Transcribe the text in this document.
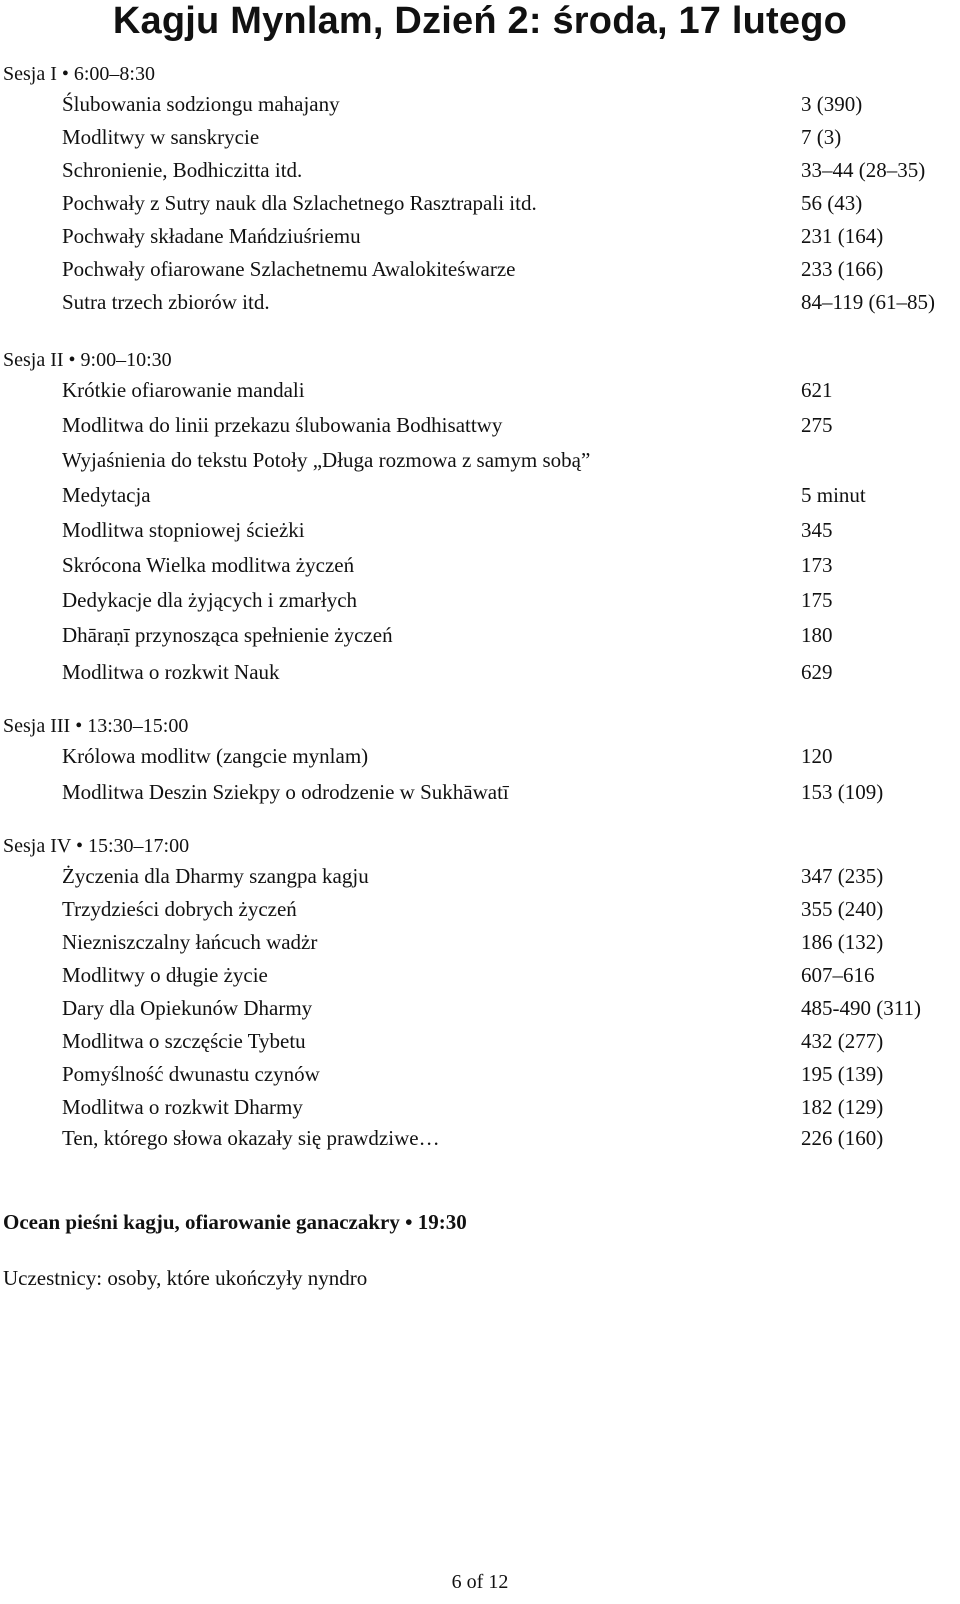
Kagju Mynlam, Dzień 2: środa, 17 lutego
Sesja I • 6:00–8:30
Ślubowania sodziongu mahajany	3 (390)
Modlitwy w sanskrycie	7 (3)
Schronienie, Bodhiczitta itd.	33–44 (28–35)
Pochwały z Sutry nauk dla Szlachetnego Rasztrapali itd.	56 (43)
Pochwały składane Mańdziuśriemu	231 (164)
Pochwały ofiarowane Szlachetnemu Awalokiteśwarze	233 (166)
Sutra trzech zbiorów itd.	84–119 (61–85)
Sesja II • 9:00–10:30
Krótkie ofiarowanie mandali	621
Modlitwa do linii przekazu ślubowania Bodhisattwy	275
Wyjaśnienia do tekstu Potoły „Długa rozmowa z samym sobą”
Medytacja	5 minut
Modlitwa stopniowej ścieżki	345
Skrócona Wielka modlitwa życzeń	173
Dedykacje dla żyjących i zmarłych	175
Dhāraṇī przynosząca spełnienie życzeń	180
Modlitwa o rozkwit Nauk	629
Sesja III • 13:30–15:00
Królowa modlitw (zangcie mynlam)	120
Modlitwa Deszin Sziekpy o odrodzenie w Sukhāwatī	153 (109)
Sesja IV • 15:30–17:00
Życzenia dla Dharmy szangpa kagju	347 (235)
Trzydzieści dobrych życzeń	355 (240)
Niezniszczalny łańcuch wadżr	186 (132)
Modlitwy o długie życie	607–616
Dary dla Opiekunów Dharmy	485-490 (311)
Modlitwa o szczęście Tybetu	432 (277)
Pomyślność dwunastu czynów	195 (139)
Modlitwa o rozkwit Dharmy	182 (129)
Ten, którego słowa okazały się prawdziwe…	226 (160)
Ocean pieśni kagju, ofiarowanie ganaczakry • 19:30
Uczestnicy: osoby, które ukończyły nyndro
6 of 12
